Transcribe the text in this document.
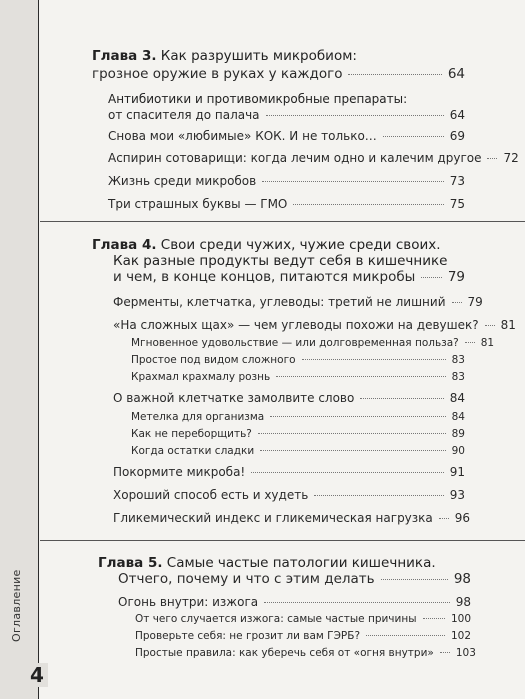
Оглавление
4
Глава 3. Как разрушить микробиом:
грозное оружие в руках у каждого	64
Антибиотики и противомикробные препараты:
от спасителя до палача	64
Снова мои «любимые» КОК. И не только…	69
Аспирин сотоварищи: когда лечим одно и калечим другое 72
Жизнь среди микробов	73
Три страшных буквы — ГМО	75
Глава 4. Свои среди чужих, чужие среди своих.
Как разные продукты ведут себя в кишечнике
и чем, в конце концов, питаются микробы 79
Ферменты, клетчатка, углеводы: третий не лишний 79
«На сложных щах» — чем углеводы похожи на девушек? 81
Мгновенное удовольствие — или долговременная польза? 81
Простое под видом сложного	83
Крахмал крахмалу рознь	83
О важной клетчатке замолвите слово	84
Метелка для организма	84
Как не переборщить?	89
Когда остатки сладки	90
Покормите микроба!	91
Хороший способ есть и худеть	93
Гликемический индекс и гликемическая нагрузка 96
Глава 5. Самые частые патологии кишечника.
Отчего, почему и что с этим делать	98
Огонь внутри: изжога	98
От чего случается изжога: самые частые причины	100
Проверьте себя: не грозит ли вам ГЭРБ?	102
Простые правила: как уберечь себя от «огня внутри» 103
